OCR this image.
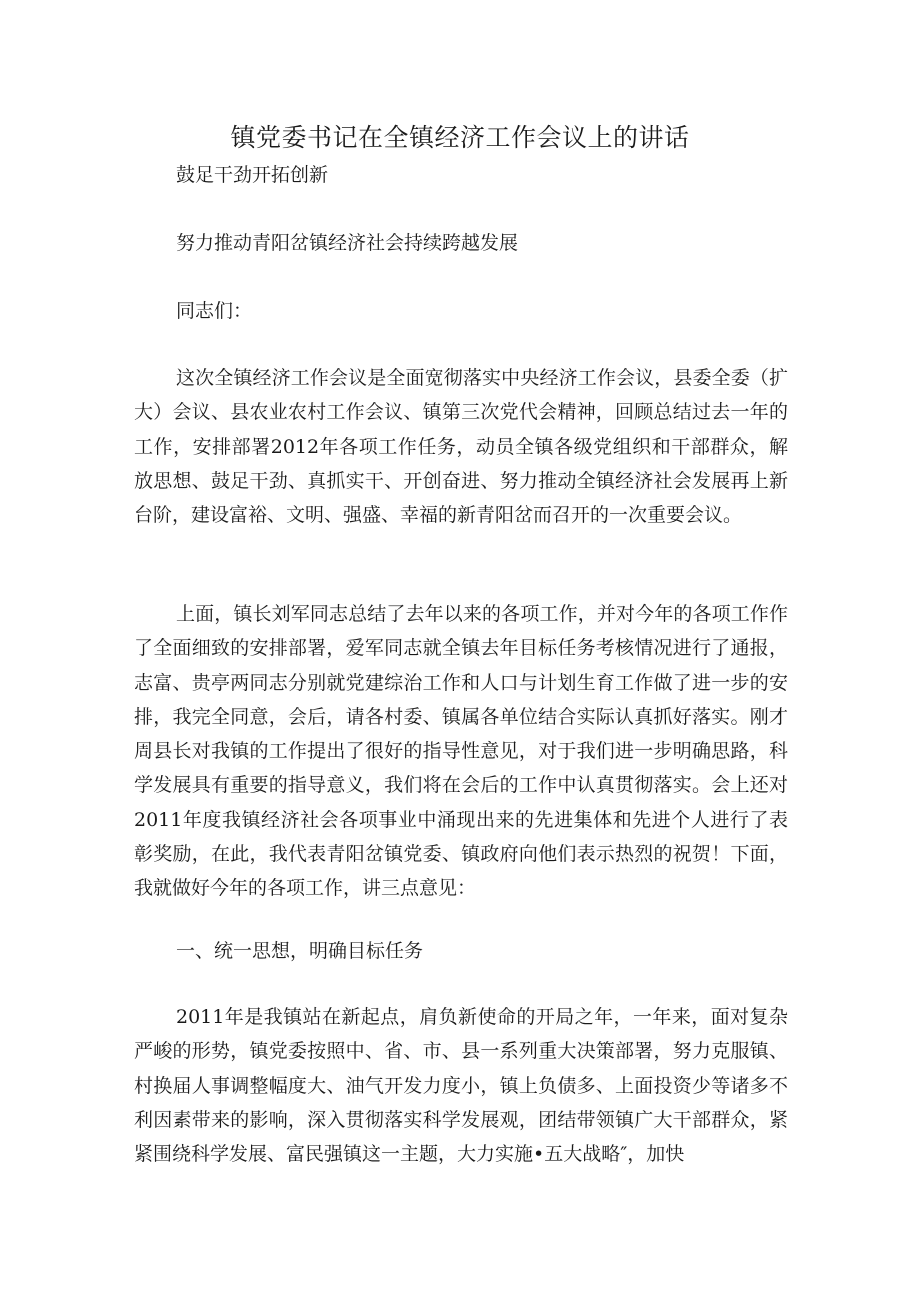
镇党委书记在全镇经济工作会议上的讲话

鼓足干劲开拓创新

努力推动青阳岔镇经济社会持续跨越发展

同志们：

这次全镇经济工作会议是全面宽彻落实中央经济工作会议，县委全委（扩大）会议、县农业农村工作会议、镇第三次党代会精神，回顾总结过去一年的工作，安排部署2012年各项工作任务，动员全镇各级党组织和干部群众，解放思想、鼓足干劲、真抓实干、开创奋进、努力推动全镇经济社会发展再上新台阶，建设富裕、文明、强盛、幸福的新青阳岔而召开的一次重要会议。

上面，镇长刘军同志总结了去年以来的各项工作，并对今年的各项工作作了全面细致的安排部署，爱军同志就全镇去年目标任务考核情况进行了通报，志富、贵亭两同志分别就党建综治工作和人口与计划生育工作做了进一步的安排，我完全同意，会后，请各村委、镇属各单位结合实际认真抓好落实。刚才周县长对我镇的工作提出了很好的指导性意见，对于我们进一步明确思路，科学发展具有重要的指导意义，我们将在会后的工作中认真贯彻落实。会上还对2011年度我镇经济社会各项事业中涌现出来的先进集体和先进个人进行了表彰奖励，在此，我代表青阳岔镇党委、镇政府向他们表示热烈的祝贺！下面，我就做好今年的各项工作，讲三点意见：

一、统一思想，明确目标任务

2011年是我镇站在新起点，肩负新使命的开局之年，一年来，面对复杂严峻的形势，镇党委按照中、省、市、县一系列重大决策部署，努力克服镇、村换届人事调整幅度大、油气开发力度小，镇上负债多、上面投资少等诸多不利因素带来的影响，深入贯彻落实科学发展观，团结带领镇广大干部群众，紧紧围绕科学发展、富民强镇这一主题，大力实施•五大战略″，加快
